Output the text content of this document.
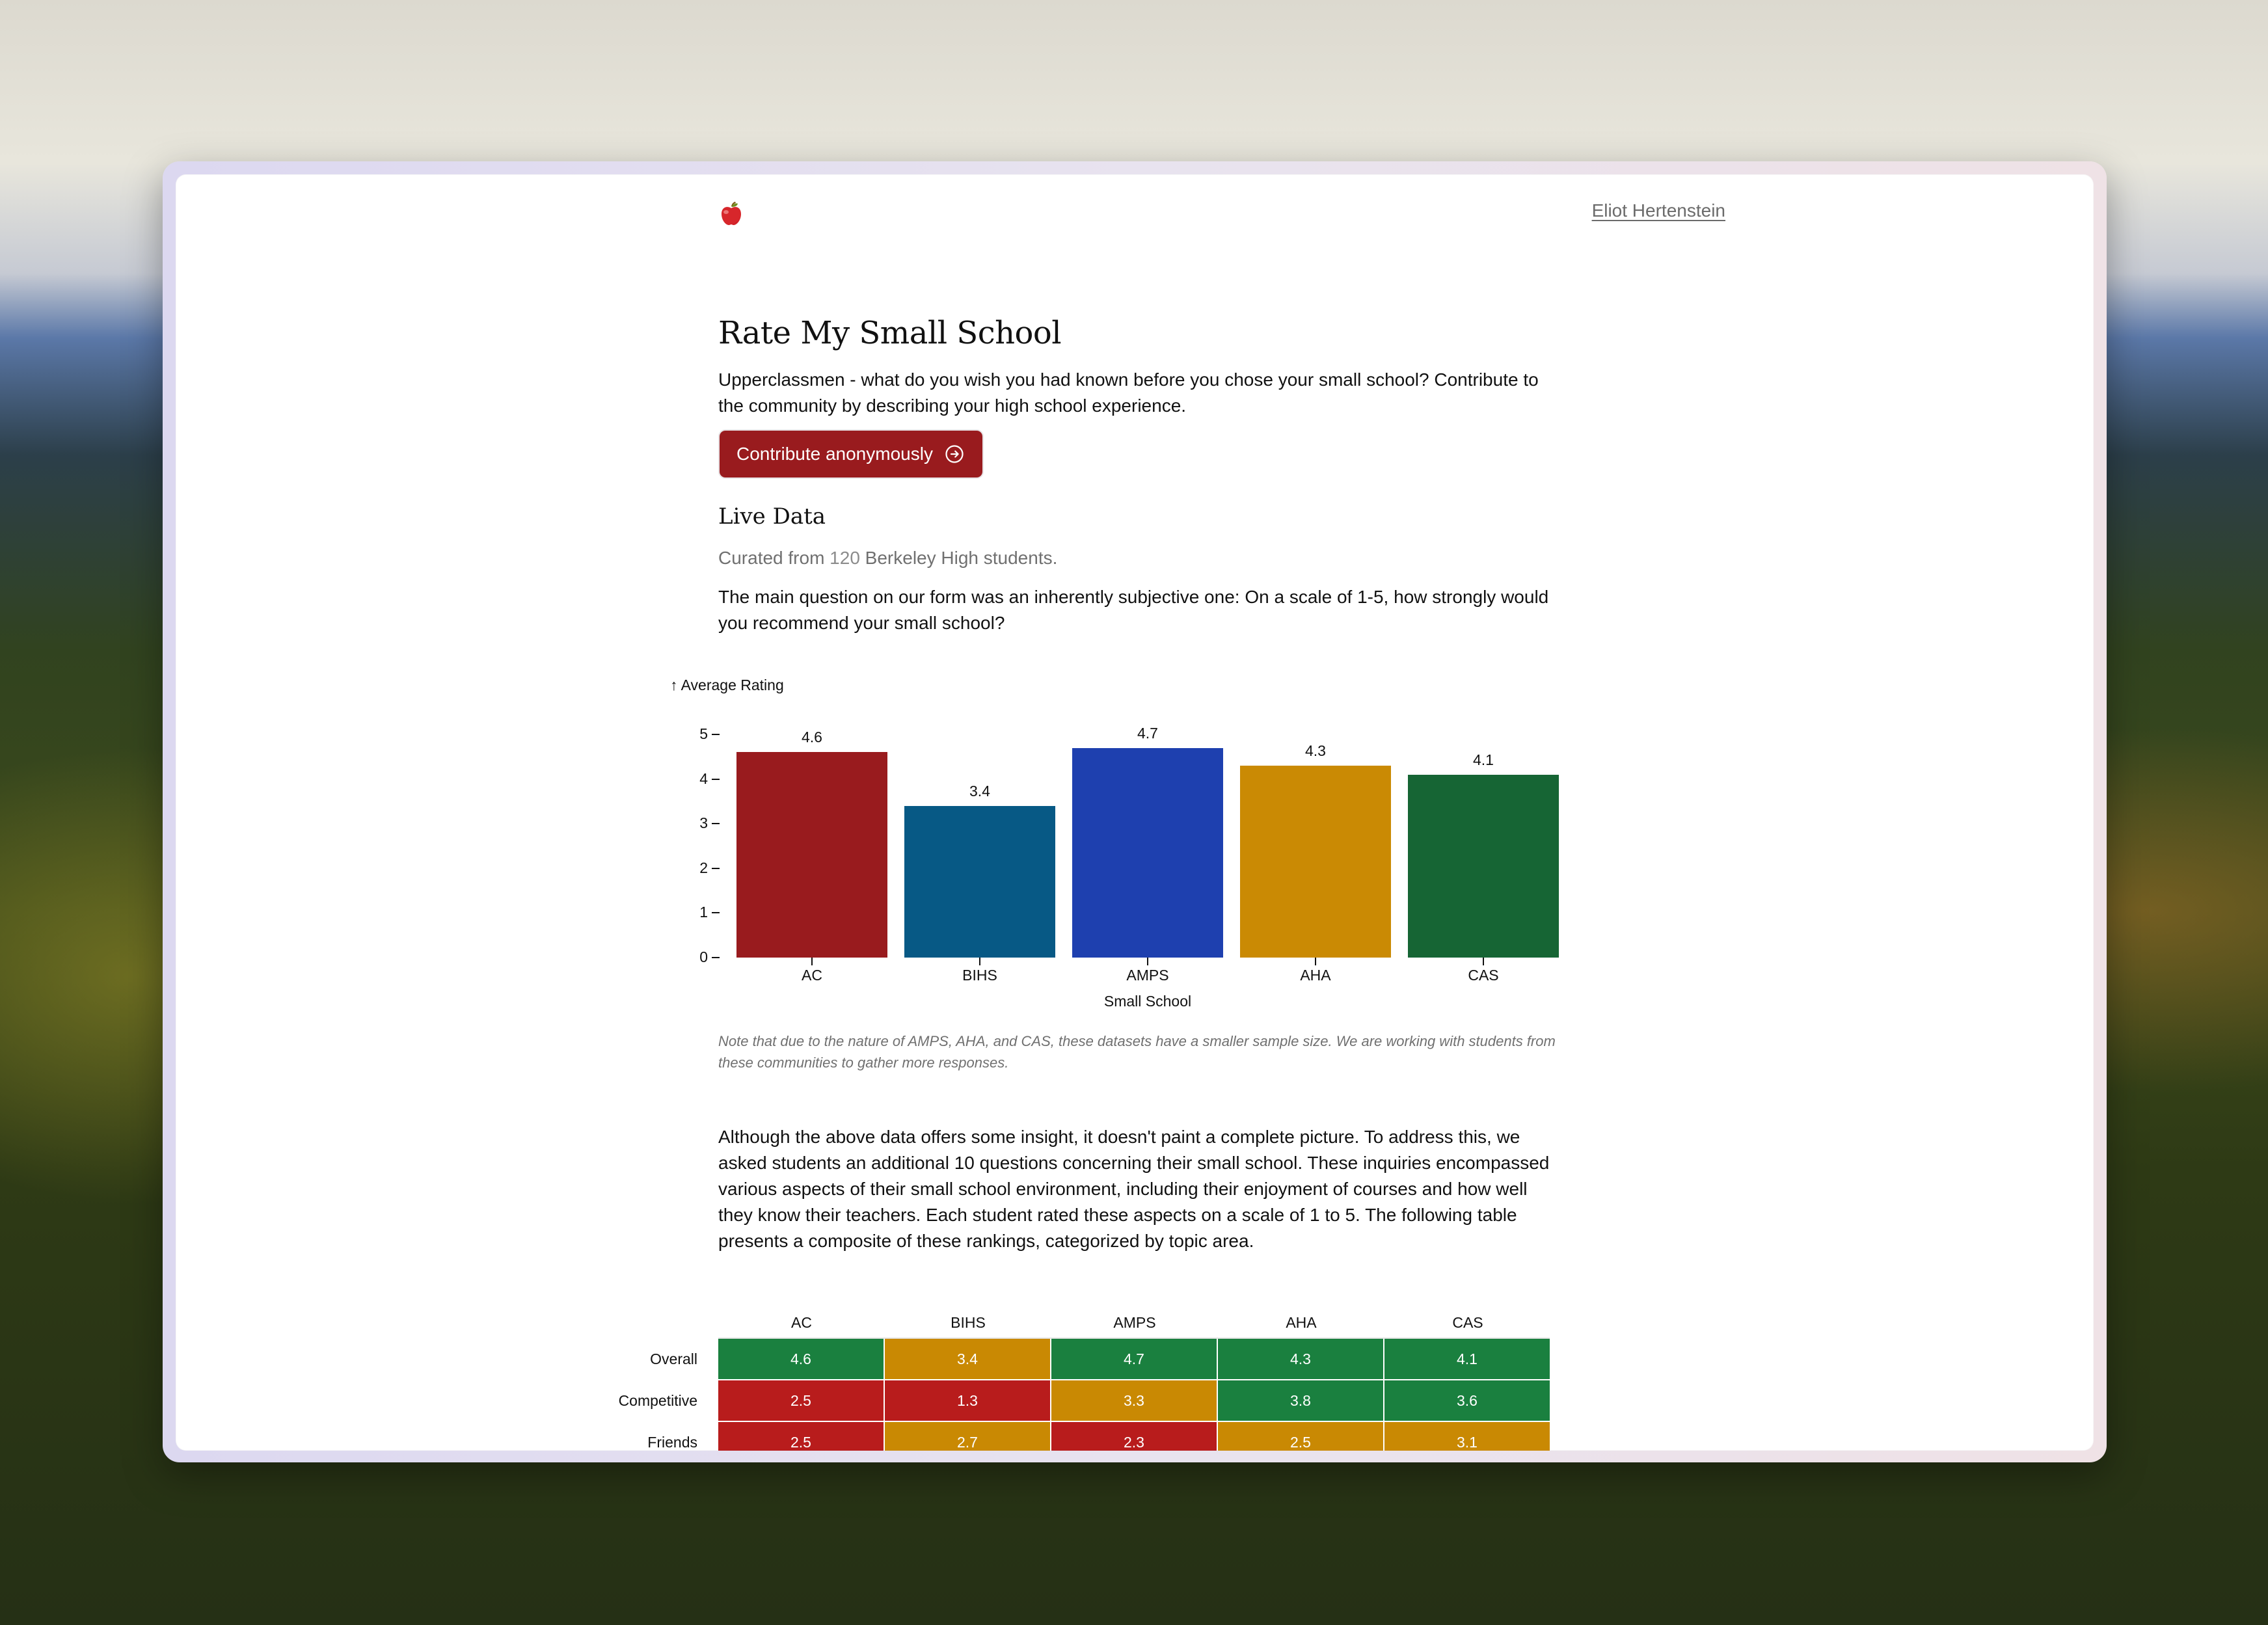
Eliot Hertenstein
Rate My Small School

Upperclassmen - what do you wish you had known before you chose your small school? Contribute to the community by describing your high school experience.

Contribute anonymously
Live Data

Curated from 120 Berkeley High students.

The main question on our form was an inherently subjective one: On a scale of 1-5, how strongly would you recommend your small school?

↑ Average Rating
0
1
2
3
4
5	4.6
AC
3.4
BIHS
4.7
AMPS
4.3
AHA
4.1
CAS
Small School

Note that due to the nature of AMPS, AHA, and CAS, these datasets have a smaller sample size. We are working with students from these communities to gather more responses.

Although the above data offers some insight, it doesn't paint a complete picture. To address this, we asked students an additional 10 questions concerning their small school. These inquiries encompassed various aspects of their small school environment, including their enjoyment of courses and how well they know their teachers. Each student rated these aspects on a scale of 1 to 5. The following table presents a composite of these rankings, categorized by topic area.

AC	BIHS	AMPS	AHA	CAS
Overall	4.6	3.4	4.7	4.3	4.1
Competitive	2.5	1.3	3.3	3.8	3.6
Friends	2.5	2.7	2.3	2.5	3.1
